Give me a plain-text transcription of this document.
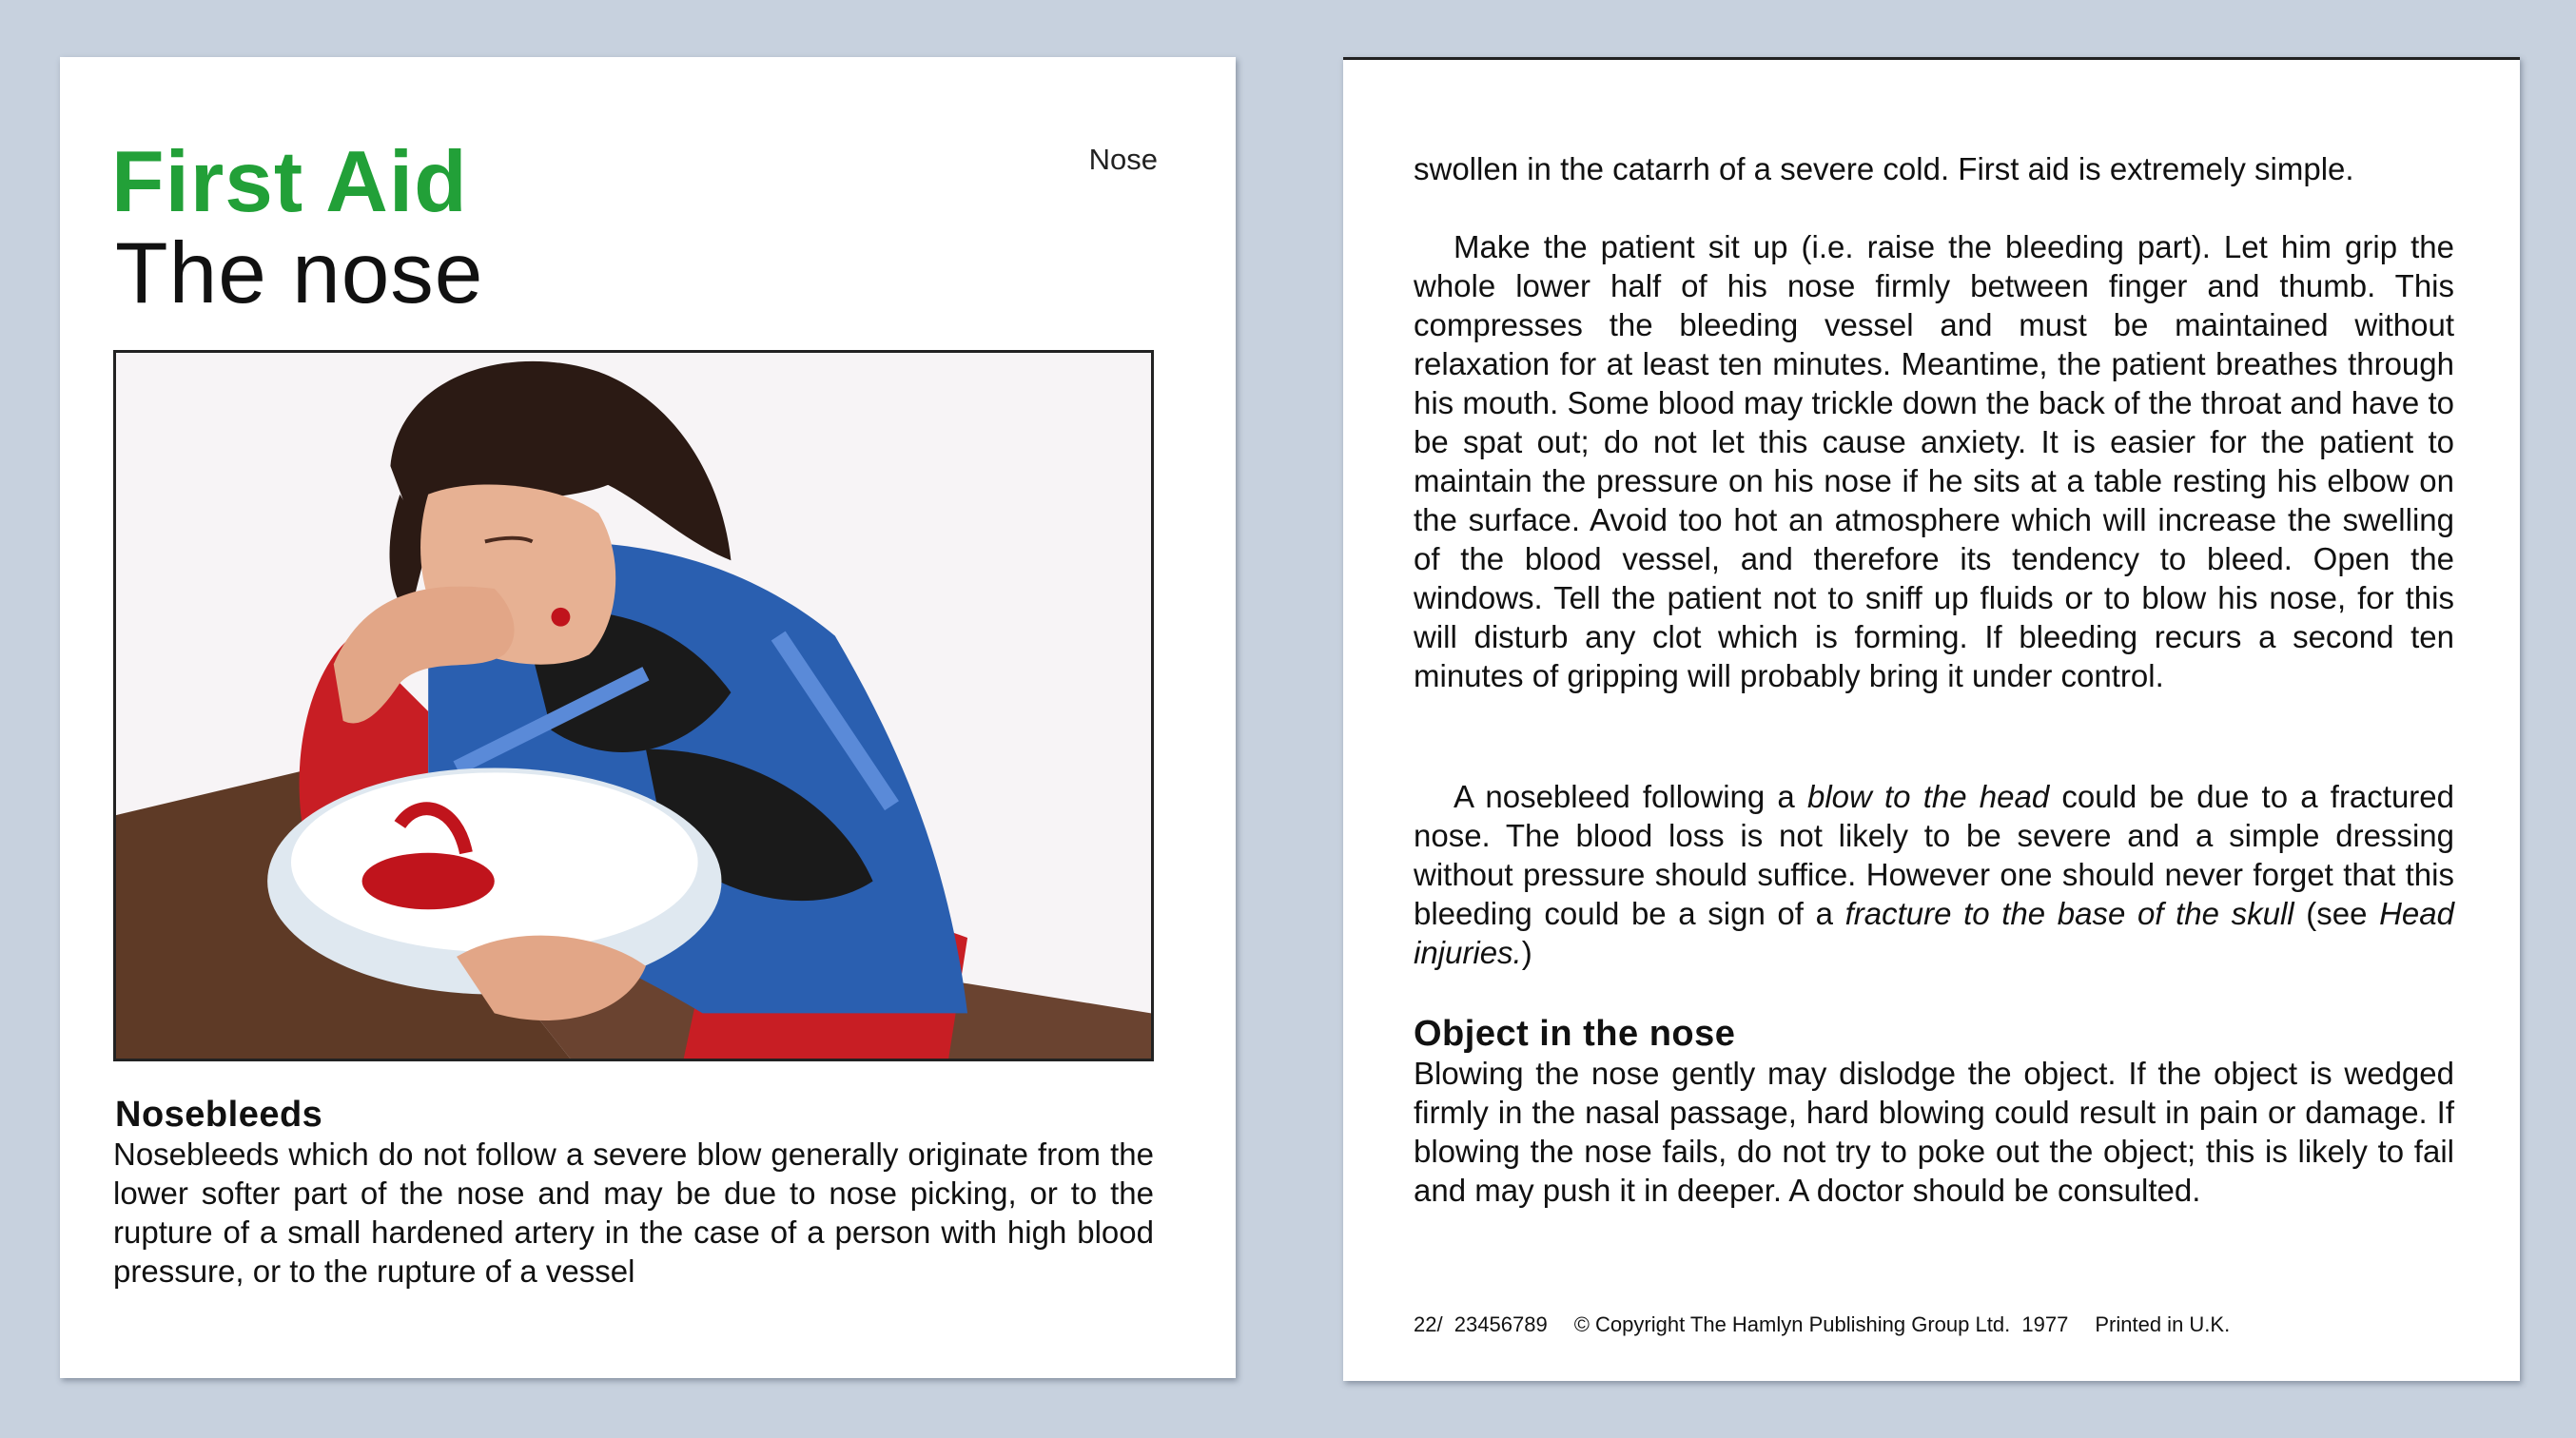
First Aid
The nose
Nose
Nosebleeds

Nosebleeds which do not follow a severe blow generally originate from the lower softer part of the nose and may be due to nose picking, or to the rupture of a small hardened artery in the case of a person with high blood pressure, or to the rupture of a vessel

swollen in the catarrh of a severe cold. First aid is extremely simple.

Make the patient sit up (i.e. raise the bleeding part). Let him grip the whole lower half of his nose firmly between finger and thumb. This compresses the bleeding vessel and must be maintained without relaxation for at least ten minutes. Meantime, the patient breathes through his mouth. Some blood may trickle down the back of the throat and have to be spat out; do not let this cause anxiety. It is easier for the patient to maintain the pressure on his nose if he sits at a table resting his elbow on the surface. Avoid too hot an atmosphere which will increase the swelling of the blood vessel, and therefore its tendency to bleed. Open the windows. Tell the patient not to sniff up fluids or to blow his nose, for this will disturb any clot which is forming. If bleeding recurs a second ten minutes of gripping will probably bring it under control.

A nosebleed following a blow to the head could be due to a fractured nose. The blood loss is not likely to be severe and a simple dressing without pressure should suffice. However one should never forget that this bleeding could be a sign of a fracture to the base of the skull (see Head injuries.)

Object in the nose

Blowing the nose gently may dislodge the object. If the object is wedged firmly in the nasal passage, hard blowing could result in pain or damage. If blowing the nose fails, do not try to poke out the object; this is likely to fail and may push it in deeper. A doctor should be consulted.

22/  23456789 © Copyright The Hamlyn Publishing Group Ltd.  1977 Printed in U.K.
